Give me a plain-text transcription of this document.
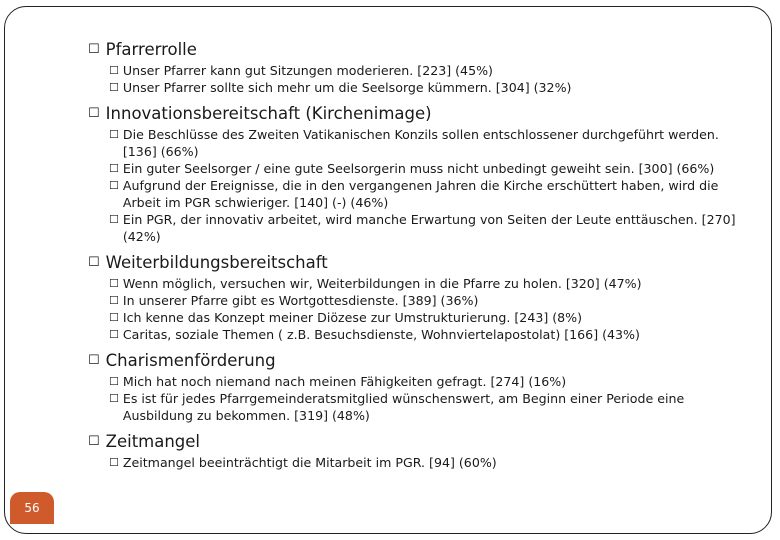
☐ Pfarrerrolle
☐ Unser Pfarrer kann gut Sitzungen moderieren. [223] (45%)
☐ Unser Pfarrer sollte sich mehr um die Seelsorge kümmern. [304] (32%)
☐ Innovationsbereitschaft
(Kirchenimage)
☐ Die Beschlüsse des Zweiten Vatikanischen Konzils sollen entschlossener durchgeführt werden. [136] (66%)
☐ Ein guter Seelsorger / eine gute Seelsorgerin muss nicht unbedingt geweiht sein. [300] (66%)
☐ Aufgrund der Ereignisse, die in den vergangenen Jahren die Kirche erschüttert haben, wird die Arbeit im PGR schwieriger. [140] (-) (46%)
☐ Ein PGR, der innovativ arbeitet, wird manche Erwartung von Seiten der Leute enttäuschen. [270] (42%)
☐ Weiterbildungsbereitschaft
☐ Wenn möglich, versuchen wir, Weiterbildungen in die Pfarre zu holen. [320] (47%)
☐ In unserer Pfarre gibt es Wortgottesdienste. [389] (36%)
☐ Ich kenne das Konzept meiner Diözese zur Umstrukturierung. [243] (8%)
☐ Caritas, soziale Themen ( z.B. Besuchsdienste, Wohnviertelapostolat) [166] (43%)
☐ Charismenförderung
☐ Mich hat noch niemand nach meinen Fähigkeiten gefragt. [274] (16%)
☐ Es ist für jedes Pfarrgemeinderatsmitglied wünschenswert, am Beginn einer Periode eine Ausbildung zu bekommen. [319] (48%)
☐ Zeitmangel
☐ Zeitmangel beeinträchtigt die Mitarbeit im PGR. [94] (60%)
56
